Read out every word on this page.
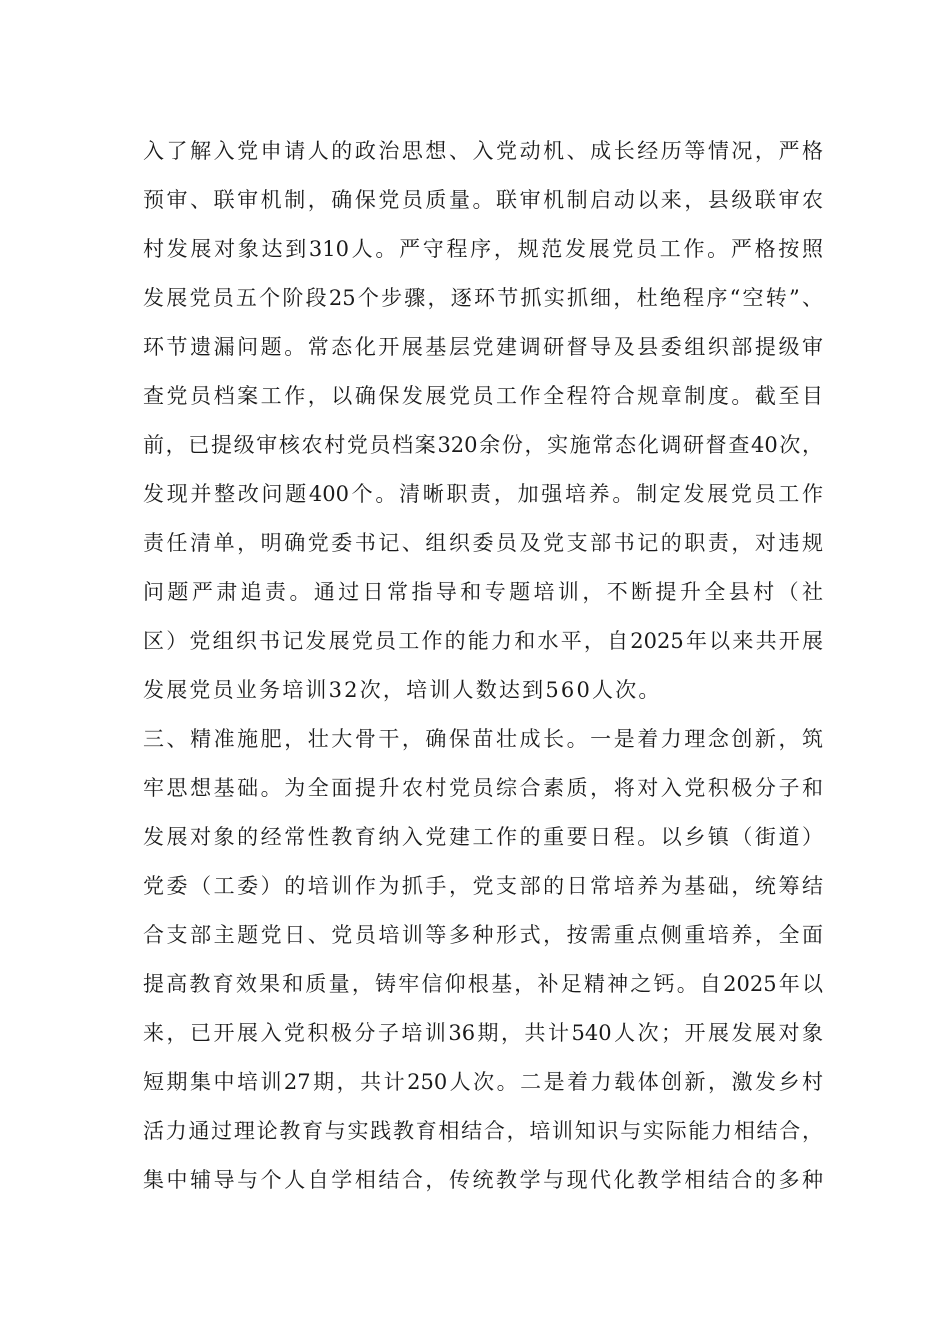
入了解入党申请人的政治思想、入党动机、成长经历等情况，严格
预审、联审机制，确保党员质量。联审机制启动以来，县级联审农
村发展对象达到310人。严守程序，规范发展党员工作。严格按照
发展党员五个阶段25个步骤，逐环节抓实抓细，杜绝程序“空转”、
环节遗漏问题。常态化开展基层党建调研督导及县委组织部提级审
查党员档案工作，以确保发展党员工作全程符合规章制度。截至目
前，已提级审核农村党员档案320余份，实施常态化调研督查40次，
发现并整改问题400个。清晰职责，加强培养。制定发展党员工作
责任清单，明确党委书记、组织委员及党支部书记的职责，对违规
问题严肃追责。通过日常指导和专题培训，不断提升全县村（社
区）党组织书记发展党员工作的能力和水平，自2025年以来共开展
发展党员业务培训32次，培训人数达到560人次。
三、精准施肥，壮大骨干，确保苗壮成长。一是着力理念创新，筑
牢思想基础。为全面提升农村党员综合素质，将对入党积极分子和
发展对象的经常性教育纳入党建工作的重要日程。以乡镇（街道）
党委（工委）的培训作为抓手，党支部的日常培养为基础，统筹结
合支部主题党日、党员培训等多种形式，按需重点侧重培养，全面
提高教育效果和质量，铸牢信仰根基，补足精神之钙。自2025年以
来，已开展入党积极分子培训36期，共计540人次；开展发展对象
短期集中培训27期，共计250人次。二是着力载体创新，激发乡村
活力通过理论教育与实践教育相结合，培训知识与实际能力相结合，
集中辅导与个人自学相结合，传统教学与现代化教学相结合的多种
